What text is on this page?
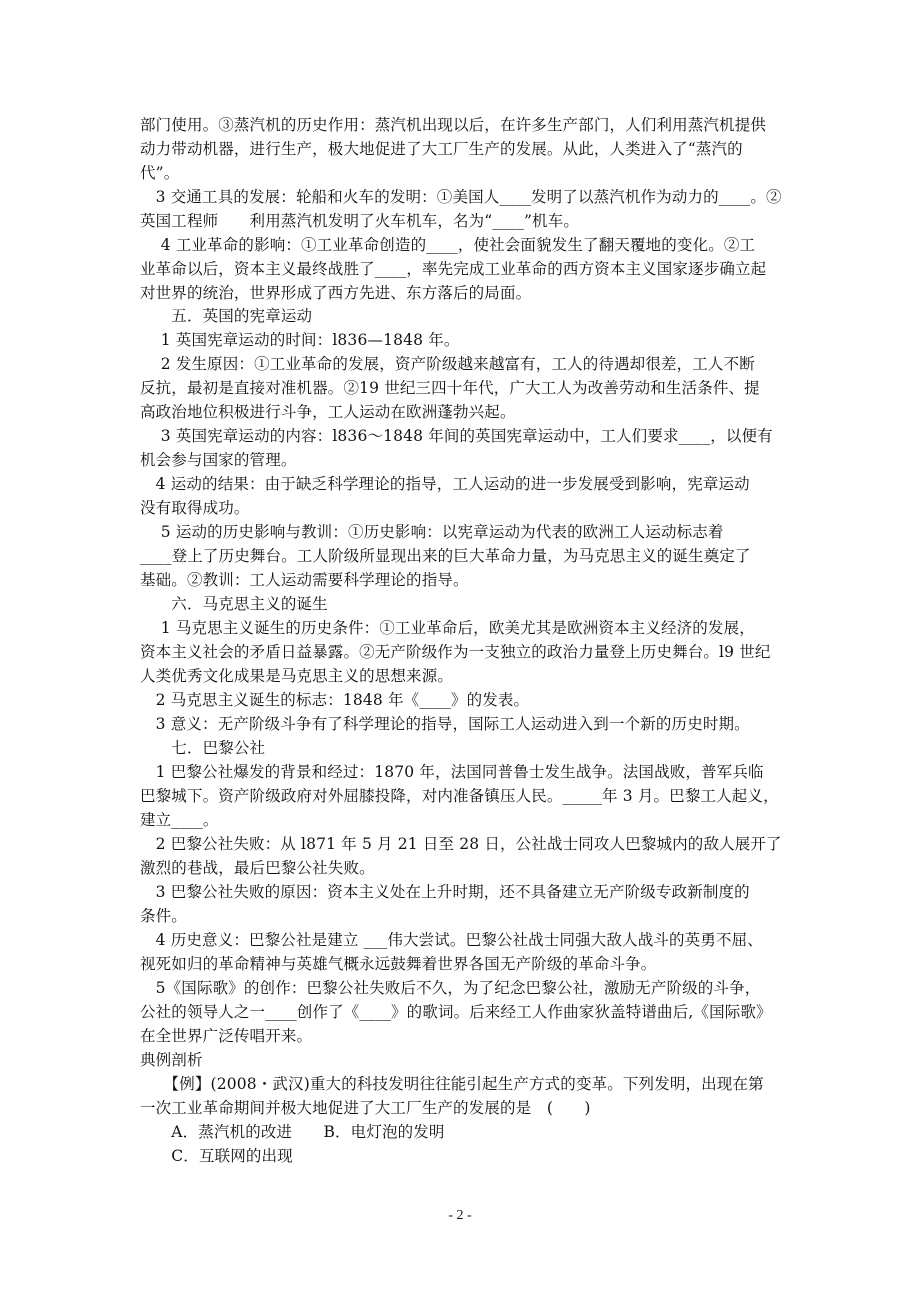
部门使用。③蒸汽机的历史作用：蒸汽机出现以后，在许多生产部门，人们利用蒸汽机提供
动力带动机器，进行生产，极大地促进了大工厂生产的发展。从此，人类进入了“蒸汽的
代”。
　3 交通工具的发展：轮船和火车的发明：①美国人____发明了以蒸汽机作为动力的____。②
英国工程师　　利用蒸汽机发明了火车机车，名为“____”机车。
　 4 工业革命的影响：①工业革命创造的____，使社会面貌发生了翻天覆地的变化。②工
业革命以后，资本主义最终战胜了____，率先完成工业革命的西方资本主义国家逐步确立起
对世界的统治，世界形成了西方先进、东方落后的局面。
　　五．英国的宪章运动
　 1 英国宪章运动的时间：l836—1848 年。
　 2 发生原因：①工业革命的发展，资产阶级越来越富有，工人的待遇却很差，工人不断
反抗，最初是直接对准机器。②19 世纪三四十年代，广大工人为改善劳动和生活条件、提
高政治地位积极进行斗争，工人运动在欧洲蓬勃兴起。
　 3 英国宪章运动的内容：l836～1848 年间的英国宪章运动中，工人们要求____，以便有
机会参与国家的管理。
　4 运动的结果：由于缺乏科学理论的指导，工人运动的进一步发展受到影响，宪章运动
没有取得成功。
　 5 运动的历史影响与教训：①历史影响：以宪章运动为代表的欧洲工人运动标志着
____登上了历史舞台。工人阶级所显现出来的巨大革命力量，为马克思主义的诞生奠定了
基础。②教训：工人运动需要科学理论的指导。
　　六．马克思主义的诞生
　 1 马克思主义诞生的历史条件：①工业革命后，欧美尤其是欧洲资本主义经济的发展，
资本主义社会的矛盾日益暴露。②无产阶级作为一支独立的政治力量登上历史舞台。l9 世纪
人类优秀文化成果是马克思主义的思想来源。
　2 马克思主义诞生的标志：1848 年《____》的发表。
　3 意义：无产阶级斗争有了科学理论的指导，国际工人运动进入到一个新的历史时期。
　　七．巴黎公社
　1 巴黎公社爆发的背景和经过：1870 年，法国同普鲁士发生战争。法国战败，普军兵临
巴黎城下。资产阶级政府对外屈膝投降，对内准备镇压人民。_____年 3 月。巴黎工人起义，
建立____。
　2 巴黎公社失败：从 l871 年 5 月 21 日至 28 日，公社战士同攻人巴黎城内的敌人展开了
激烈的巷战，最后巴黎公社失败。
　3 巴黎公社失败的原因：资本主义处在上升时期，还不具备建立无产阶级专政新制度的
条件。
　4 历史意义：巴黎公社是建立 ___伟大尝试。巴黎公社战士同强大敌人战斗的英勇不屈、
视死如归的革命精神与英雄气概永远鼓舞着世界各国无产阶级的革命斗争。
　5《国际歌》的创作：巴黎公社失败后不久，为了纪念巴黎公社，激励无产阶级的斗争，
公社的领导人之一____创作了《____》的歌词。后来经工人作曲家狄盖特谱曲后,《国际歌》
在全世界广泛传唱开来。
典例剖析
　　【例】(2008・武汉)重大的科技发明往往能引起生产方式的变革。下列发明，出现在第
一次工业革命期间并极大地促进了大工厂生产的发展的是　(　　)
　　A．蒸汽机的改进　　B．电灯泡的发明
　　C．互联网的出现
- 2 -
